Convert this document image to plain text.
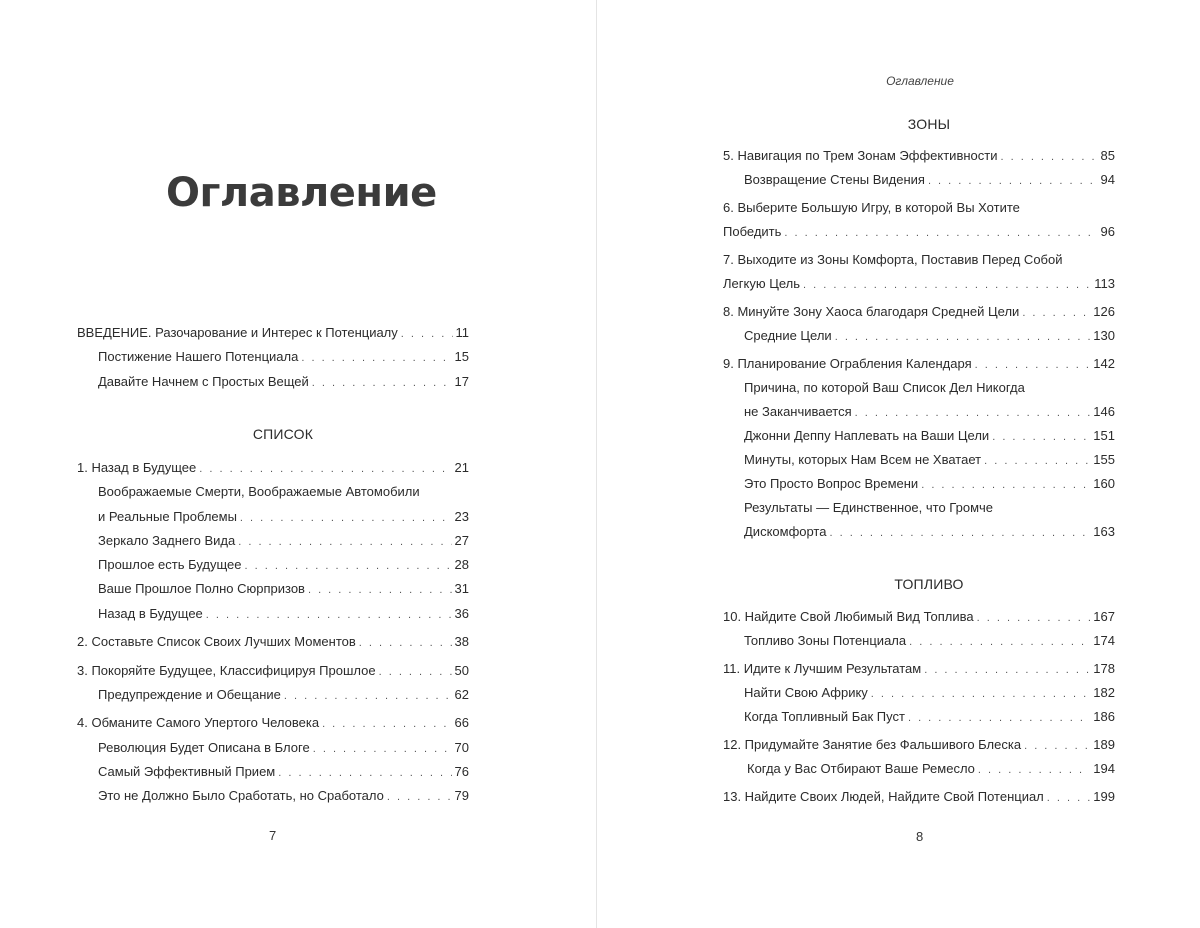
Оглавление
ВВЕДЕНИЕ. Разочарование и Интерес к Потенциалу . . .	11
Постижение Нашего Потенциала . . .	15
Давайте Начнем с Простых Вещей . . .	17
СПИСОК
1. Назад в Будущее . . .	21
Воображаемые Смерти, Воображаемые Автомобили
и Реальные Проблемы . . .	23
Зеркало Заднего Вида . . .	27
Прошлое есть Будущее . . .	28
Ваше Прошлое Полно Сюрпризов . . .	31
Назад в Будущее . . .	36
2. Составьте Список Своих Лучших Моментов . . .	38
3. Покоряйте Будущее, Классифицируя Прошлое . . .	50
Предупреждение и Обещание . . .	62
4. Обманите Самого Упертого Человека . . .	66
Революция Будет Описана в Блоге . . .	70
Самый Эффективный Прием . . .	76
Это не Должно Было Сработать, но Сработало . . .	79
7
Оглавление
ЗОНЫ
5. Навигация по Трем Зонам Эффективности . . .	85
Возвращение Стены Видения . . .	94
6. Выберите Большую Игру, в которой Вы Хотите
Победить . . .	96
7. Выходите из Зоны Комфорта, Поставив Перед Собой
Легкую Цель . . .	113
8. Минуйте Зону Хаоса благодаря Средней Цели . . .	126
Средние Цели . . .	130
9. Планирование Ограбления Календаря . . .	142
Причина, по которой Ваш Список Дел Никогда
не Заканчивается . . .	146
Джонни Деппу Наплевать на Ваши Цели . . .	151
Минуты, которых Нам Всем не Хватает . . .	155
Это Просто Вопрос Времени . . .	160
Результаты — Единственное, что Громче
Дискомфорта . . .	163
ТОПЛИВО
10. Найдите Свой Любимый Вид Топлива . . .	167
Топливо Зоны Потенциала . . .	174
11. Идите к Лучшим Результатам . . .	178
Найти Свою Африку . . .	182
Когда Топливный Бак Пуст . . .	186
12. Придумайте Занятие без Фальшивого Блеска . . .	189
Когда у Вас Отбирают Ваше Ремесло . . .	194
13. Найдите Своих Людей, Найдите Свой Потенциал . . .	199
8
